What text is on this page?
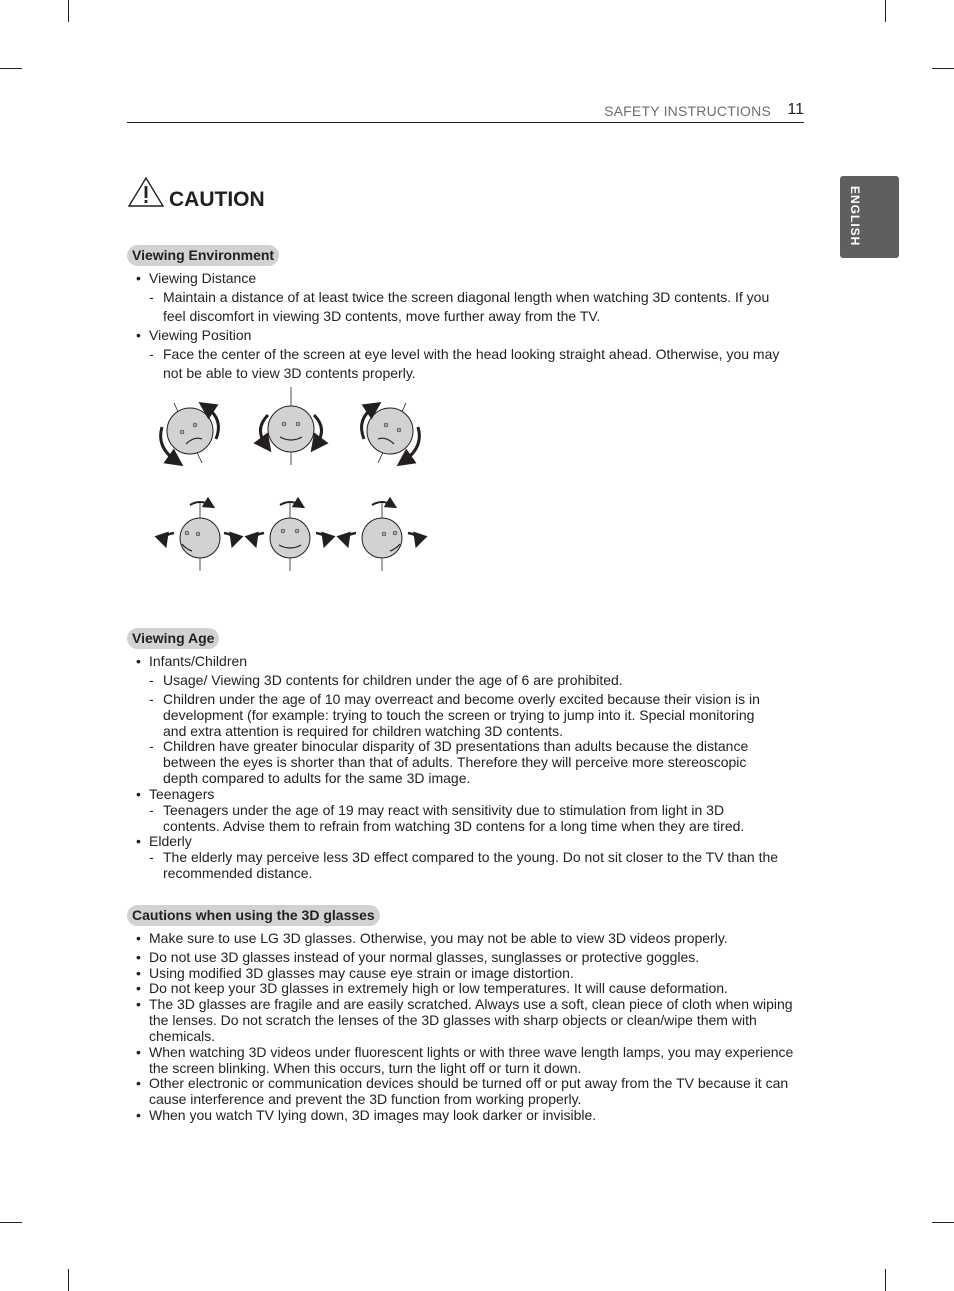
SAFETY INSTRUCTIONS 11
ENGLISH
CAUTION
Viewing Environment
• Viewing Distance
- Maintain a distance of at least twice the screen diagonal length when watching 3D contents. If you
feel discomfort in viewing 3D contents, move further away from the TV.
• Viewing Position
- Face the center of the screen at eye level with the head looking straight ahead. Otherwise, you may
not be able to view 3D contents properly.
Viewing Age
• Infants/Children
- Usage/ Viewing 3D contents for children under the age of 6 are prohibited.
- Children under the age of 10 may overreact and become overly excited because their vision is in
development (for example: trying to touch the screen or trying to jump into it. Special monitoring
and extra attention is required for children watching 3D contents.
- Children have greater binocular disparity of 3D presentations than adults because the distance
between the eyes is shorter than that of adults. Therefore they will perceive more stereoscopic
depth compared to adults for the same 3D image.
• Teenagers
- Teenagers under the age of 19 may react with sensitivity due to stimulation from light in 3D
contents. Advise them to refrain from watching 3D contens for a long time when they are tired.
• Elderly
- The elderly may perceive less 3D effect compared to the young. Do not sit closer to the TV than the
recommended distance.
Cautions when using the 3D glasses
• Make sure to use LG 3D glasses. Otherwise, you may not be able to view 3D videos properly.
• Do not use 3D glasses instead of your normal glasses, sunglasses or protective goggles.
• Using modified 3D glasses may cause eye strain or image distortion.
• Do not keep your 3D glasses in extremely high or low temperatures. It will cause deformation.
• The 3D glasses are fragile and are easily scratched. Always use a soft, clean piece of cloth when wiping
the lenses. Do not scratch the lenses of the 3D glasses with sharp objects or clean/wipe them with
chemicals.
• When watching 3D videos under fluorescent lights or with three wave length lamps, you may experience
the screen blinking. When this occurs, turn the light off or turn it down.
• Other electronic or communication devices should be turned off or put away from the TV because it can
cause interference and prevent the 3D function from working properly.
• When you watch TV lying down, 3D images may look darker or invisible.
